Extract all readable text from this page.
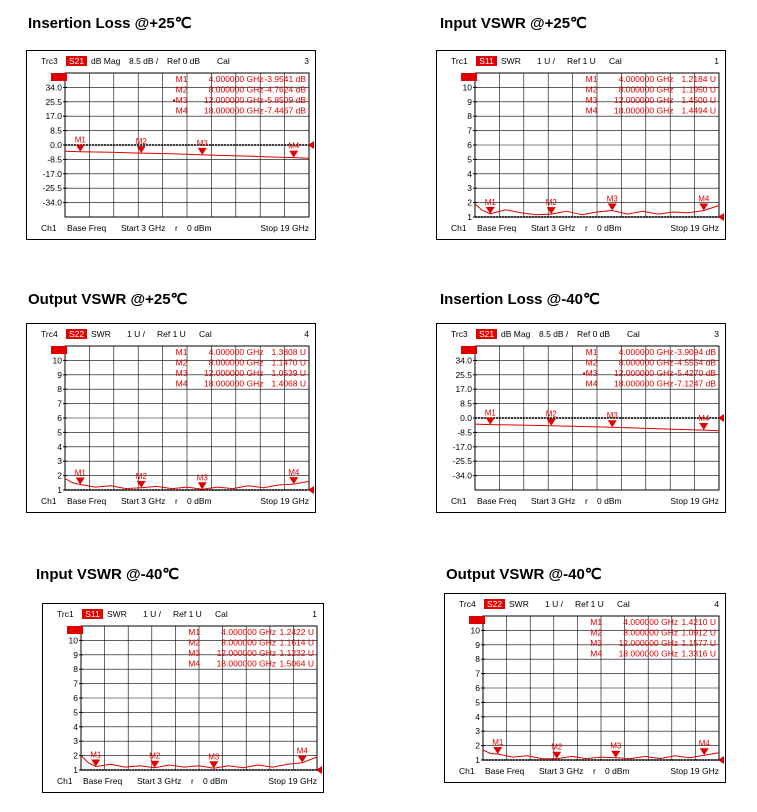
Insertion Loss @+25℃
Trc3 S21 dB Mag 8.5 dB / Ref 0 dB Cal	3
34.0
25.5
17.0
8.5
0.0
-8.5
-17.0
-25.5
-34.0
M1 4.000000 GHz -3.9541 dB
M2 8.000000 GHz -4.7624 dB
•M3 12.000000 GHz -5.8509 dB
M4 18.000000 GHz -7.4467 dB
M1	M2	M3	M4
Ch1 Base Freq Start 3 GHz r 0 dBm	Stop 19 GHz
Input VSWR @+25℃
Trc1 S11 SWR 1 U / Ref 1 U Cal	1
10
9
8
7
6
5
4
3
2
1
M1 4.000000 GHz 1.2184 U
M2 8.000000 GHz 1.1950 U
M3 12.000000 GHz 1.4500 U
M4 18.000000 GHz 1.4494 U
M1	M2	M3	M4
Ch1 Base Freq Start 3 GHz r 0 dBm	Stop 19 GHz
Output VSWR @+25℃
Trc4 S22 SWR 1 U / Ref 1 U Cal	4
10
9
8
7
6
5
4
3
2
1
M1 4.000000 GHz 1.3808 U
M2 8.000000 GHz 1.1470 U
M3 12.000000 GHz 1.0539 U
M4 18.000000 GHz 1.4068 U
M1	M2	M3
M4
Ch1 Base Freq Start 3 GHz r 0 dBm	Stop 19 GHz
Insertion Loss @-40℃
Trc3 S21 dB Mag 8.5 dB / Ref 0 dB Cal	3
34.0
25.5
17.0
8.5
0.0
-8.5
-17.0
-25.5
-34.0
M1 4.000000 GHz -3.9094 dB
M2 8.000000 GHz -4.5554 dB
•M3 12.000000 GHz -5.4270 dB
M4 18.000000 GHz -7.1247 dB
M1	M2	M3	M4
Ch1 Base Freq Start 3 GHz r 0 dBm	Stop 19 GHz
Input VSWR @-40℃
Trc1 S11 SWR 1 U / Ref 1 U Cal	1
10
9
8
7
6
5
4
3
2
1
M1 4.000000 GHz 1.2422 U
M2 8.000000 GHz 1.1614 U
M3 12.000000 GHz 1.1232 U
M4 18.000000 GHz 1.5064 U
M1	M2	M3
M4
Ch1 Base Freq Start 3 GHz r 0 dBm	Stop 19 GHz
Output VSWR @-40℃
Trc4 S22 SWR 1 U / Ref 1 U Cal	4
10
9
8
7
6
5
4
3
2
1
M1 4.000000 GHz 1.4210 U
M2 8.000000 GHz 1.0912 U
M3 12.000000 GHz 1.1577 U
M4 18.000000 GHz 1.3316 U
M1
M2	M3	M4
Ch1 Base Freq Start 3 GHz r 0 dBm	Stop 19 GHz
